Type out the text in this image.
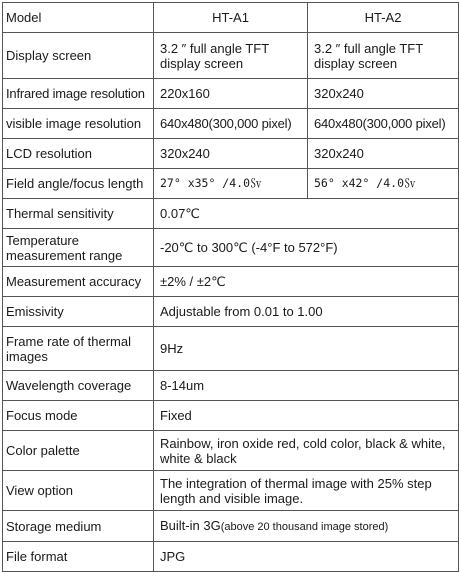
Model	HT-A1	HT-A2
Display screen	3.2 ″ full angle TFT display screen	3.2 ″ full angle TFT display screen
Infrared image resolution	220x160	320x240
visible image resolution	640x480(300,000 pixel)	640x480(300,000 pixel)
LCD resolution	320x240	320x240
Field angle/focus length	27° x35° /4.0㏜	56° x42° /4.0㏜
Thermal sensitivity	0.07℃	
Temperature measurement range	-20℃ to 300℃ (-4°F to 572°F)	
Measurement accuracy	±2% / ±2℃	
Emissivity	Adjustable from 0.01 to 1.00	
Frame rate of thermal images	9Hz	
Wavelength coverage	8-14um	
Focus mode	Fixed	
Color palette	Rainbow, iron oxide red, cold color, black & white, white & black	
View option	The integration of thermal image with 25% step length and visible image.	
Storage medium	Built-in 3G(above 20 thousand image stored)	
File format	JPG	
